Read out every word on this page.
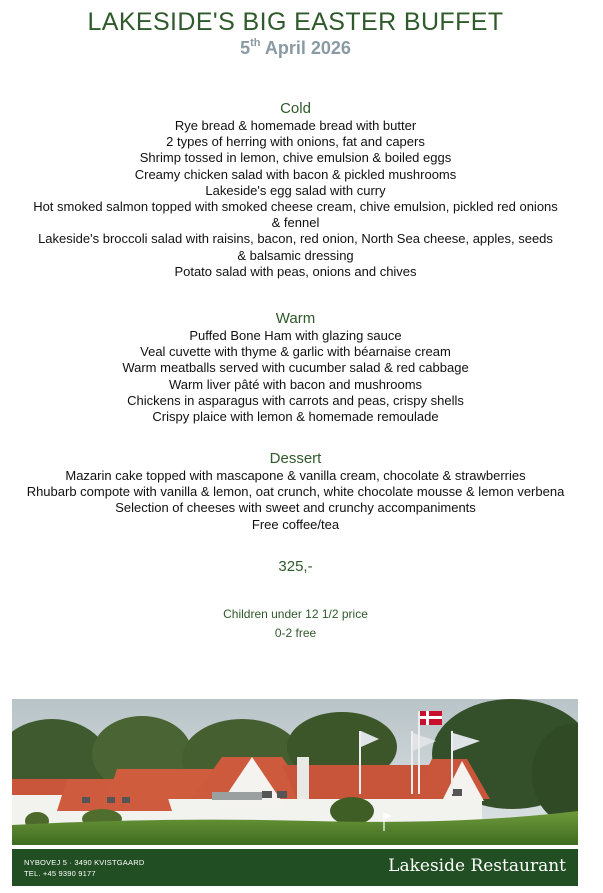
LAKESIDE'S BIG EASTER BUFFET
5th April 2026
Cold
Rye bread & homemade bread with butter
2 types of herring with onions, fat and capers
Shrimp tossed in lemon, chive emulsion & boiled eggs
Creamy chicken salad with bacon & pickled mushrooms
Lakeside's egg salad with curry
Hot smoked salmon topped with smoked cheese cream, chive emulsion, pickled red onions
& fennel
Lakeside's broccoli salad with raisins, bacon, red onion, North Sea cheese, apples, seeds
& balsamic dressing
Potato salad with peas, onions and chives
Warm
Puffed Bone Ham with glazing sauce
Veal cuvette with thyme & garlic with béarnaise cream
Warm meatballs served with cucumber salad & red cabbage
Warm liver pâté with bacon and mushrooms
Chickens in asparagus with carrots and peas, crispy shells
Crispy plaice with lemon & homemade remoulade
Dessert
Mazarin cake topped with mascapone & vanilla cream, chocolate & strawberries
Rhubarb compote with vanilla & lemon, oat crunch, white chocolate mousse & lemon verbena
Selection of cheeses with sweet and crunchy accompaniments
Free coffee/tea
325,-
Children under 12 1/2 price
0-2 free
NYBOVEJ 5 · 3490 KVISTGAARD
TEL. +45 9390 9177	Lakeside Restaurant
